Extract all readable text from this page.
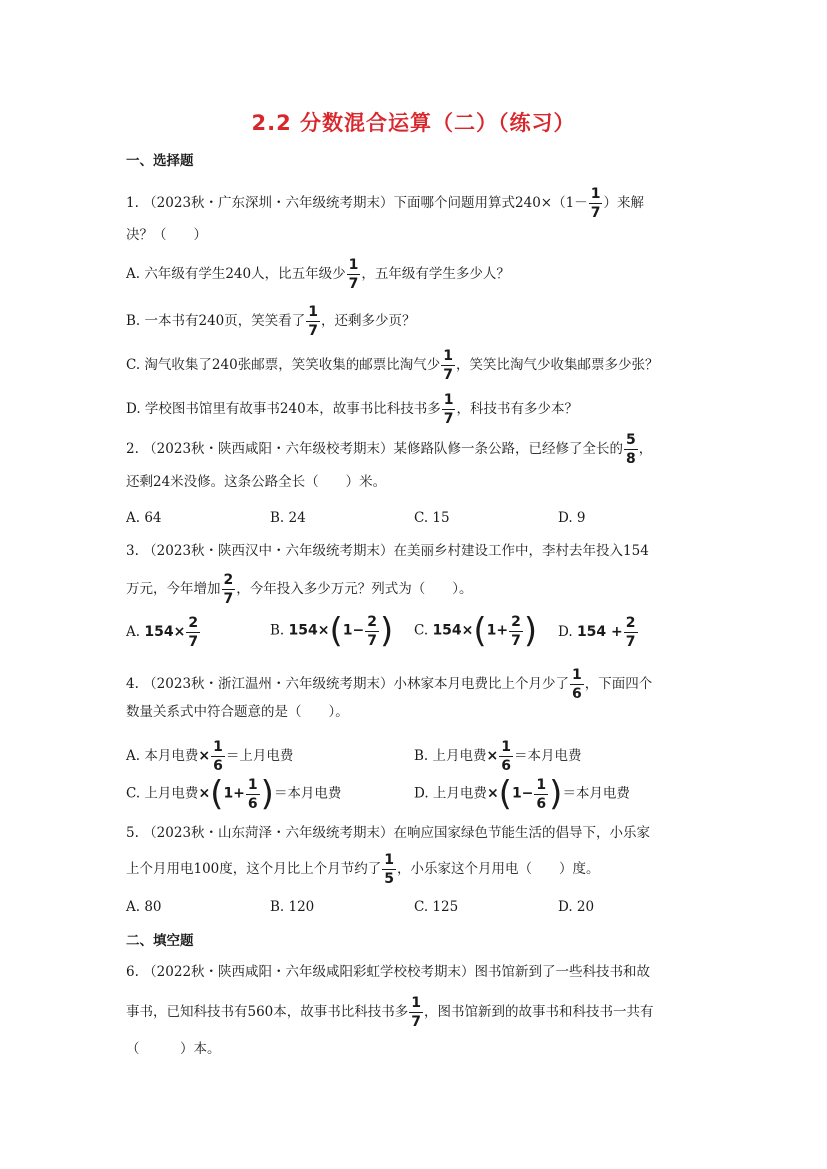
2.2 分数混合运算（二）（练习）
一、选择题
1. （2023秋・广东深圳・六年级统考期末）下面哪个问题用算式$240\times(1- \frac{1}{7}$ ）来解
决？（　　）
A. 六年级有学生240人，比五年级少 $\frac{1}{7}$ ，五年级有学生多少人？
B. 一本书有240页，笑笑看了 $\frac{1}{7}$ ，还剩多少页？
C. 淘气收集了240张邮票，笑笑收集的邮票比淘气少 $\frac{1}{7}$ ，笑笑比淘气少收集邮票多少张？
D. 学校图书馆里有故事书240本，故事书比科技书多 $\frac{1}{7}$ ，科技书有多少本？
2. （2023秋・陕西咸阳・六年级校考期末）某修路队修一条公路，已经修了全长的 $\frac{5}{8}$ ，
还剩24米没修。这条公路全长（　　）米。
A. 64	B. 24	C. 15	D. 9
3. （2023秋・陕西汉中・六年级统考期末）在美丽乡村建设工作中，李村去年投入154
万元，今年增加 $\frac{2}{7}$ ，今年投入多少万元？列式为（　　）。
A. $154\times \frac{2}{7}$	B. $154\times(1- \frac{2}{7}$ ) C. $154\times(1+ \frac{2}{7}$ ) D. $154 + \frac{2}{7}$
4. （2023秋・浙江温州・六年级统考期末）小林家本月电费比上个月少了 $\frac{1}{6}$ ，下面四个
数量关系式中符合题意的是（　　）。
A. 本月电费× $\frac{1}{6}$ ＝上月电费	B. 上月电费× $\frac{1}{6}$ ＝本月电费
C. 上月电费$\times(1+ \frac{1}{6}$ )＝本月电费	D. 上月电费$\times(1- \frac{1}{6}$ )＝本月电费
5. （2023秋・山东菏泽・六年级统考期末）在响应国家绿色节能生活的倡导下，小乐家
上个月用电100度，这个月比上个月节约了 $\frac{1}{5}$ ，小乐家这个月用电（　　）度。
A. 80	B. 120	C. 125	D. 20
二、填空题
6. （2022秋・陕西咸阳・六年级咸阳彩虹学校校考期末）图书馆新到了一些科技书和故
事书，已知科技书有560本，故事书比科技书多 $\frac{1}{7}$ ，图书馆新到的故事书和科技书一共有
（　　　）本。
